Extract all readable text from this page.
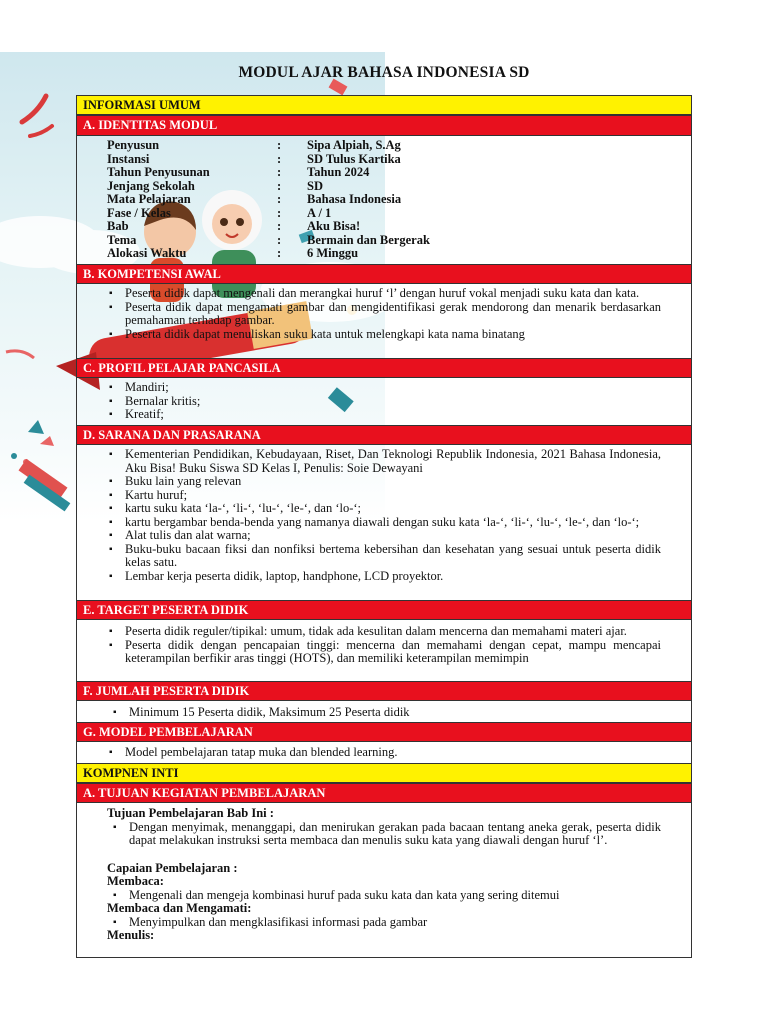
MODUL AJAR BAHASA INDONESIA SD
INFORMASI UMUM
A. IDENTITAS MODUL
Penyusun	:	Sipa Alpiah, S.Ag
Instansi	:	SD Tulus Kartika
Tahun Penyusunan	:	Tahun 2024
Jenjang Sekolah	:	SD
Mata Pelajaran	:	Bahasa Indonesia
Fase / Kelas	:	A / 1
Bab	:	Aku Bisa!
Tema	:	Bermain dan Bergerak
Alokasi Waktu	:	6 Minggu
B. KOMPETENSI AWAL
▪ Peserta didik dapat mengenali dan merangkai huruf ‘l’ dengan huruf vokal menjadi suku kata dan kata.
▪ Peserta didik dapat mengamati gambar dan mengidentifikasi gerak mendorong dan menarik berdasarkan pemahaman terhadap gambar.
▪ Peserta didik dapat menuliskan suku kata untuk melengkapi kata nama binatang
C. PROFIL PELAJAR PANCASILA
▪ Mandiri;
▪ Bernalar kritis;
▪ Kreatif;
D. SARANA DAN PRASARANA
▪ Kementerian Pendidikan, Kebudayaan, Riset, Dan Teknologi Republik Indonesia, 2021 Bahasa Indonesia, Aku Bisa! Buku Siswa SD Kelas I, Penulis: Soie Dewayani
▪ Buku lain yang relevan
▪ Kartu huruf;
▪ kartu suku kata ‘la-‘, ‘li-‘, ‘lu-‘, ‘le-‘, dan ‘lo-‘;
▪ kartu bergambar benda-benda yang namanya diawali dengan suku kata ‘la-‘, ‘li-‘, ‘lu-‘, ‘le-‘, dan ‘lo-‘;
▪ Alat tulis dan alat warna;
▪ Buku-buku bacaan fiksi dan nonfiksi bertema kebersihan dan kesehatan yang sesuai untuk peserta didik kelas satu.
▪ Lembar kerja peserta didik, laptop, handphone, LCD proyektor.
E. TARGET PESERTA DIDIK
▪ Peserta didik reguler/tipikal: umum, tidak ada kesulitan dalam mencerna dan memahami materi ajar.
▪ Peserta didik dengan pencapaian tinggi: mencerna dan memahami dengan cepat, mampu mencapai keterampilan berfikir aras tinggi (HOTS), dan memiliki keterampilan memimpin
F. JUMLAH PESERTA DIDIK
▪ Minimum 15 Peserta didik, Maksimum 25 Peserta didik
G. MODEL PEMBELAJARAN
▪ Model pembelajaran tatap muka dan blended learning.
KOMPNEN INTI
A. TUJUAN KEGIATAN PEMBELAJARAN
Tujuan Pembelajaran Bab Ini :
▪ Dengan menyimak, menanggapi, dan menirukan gerakan pada bacaan tentang aneka gerak, peserta didik dapat melakukan instruksi serta membaca dan menulis suku kata yang diawali dengan huruf ‘l’.
Capaian Pembelajaran :
Membaca:
▪ Mengenali dan mengeja kombinasi huruf pada suku kata dan kata yang sering ditemui
Membaca dan Mengamati:
▪ Menyimpulkan dan mengklasifikasi informasi pada gambar
Menulis:
